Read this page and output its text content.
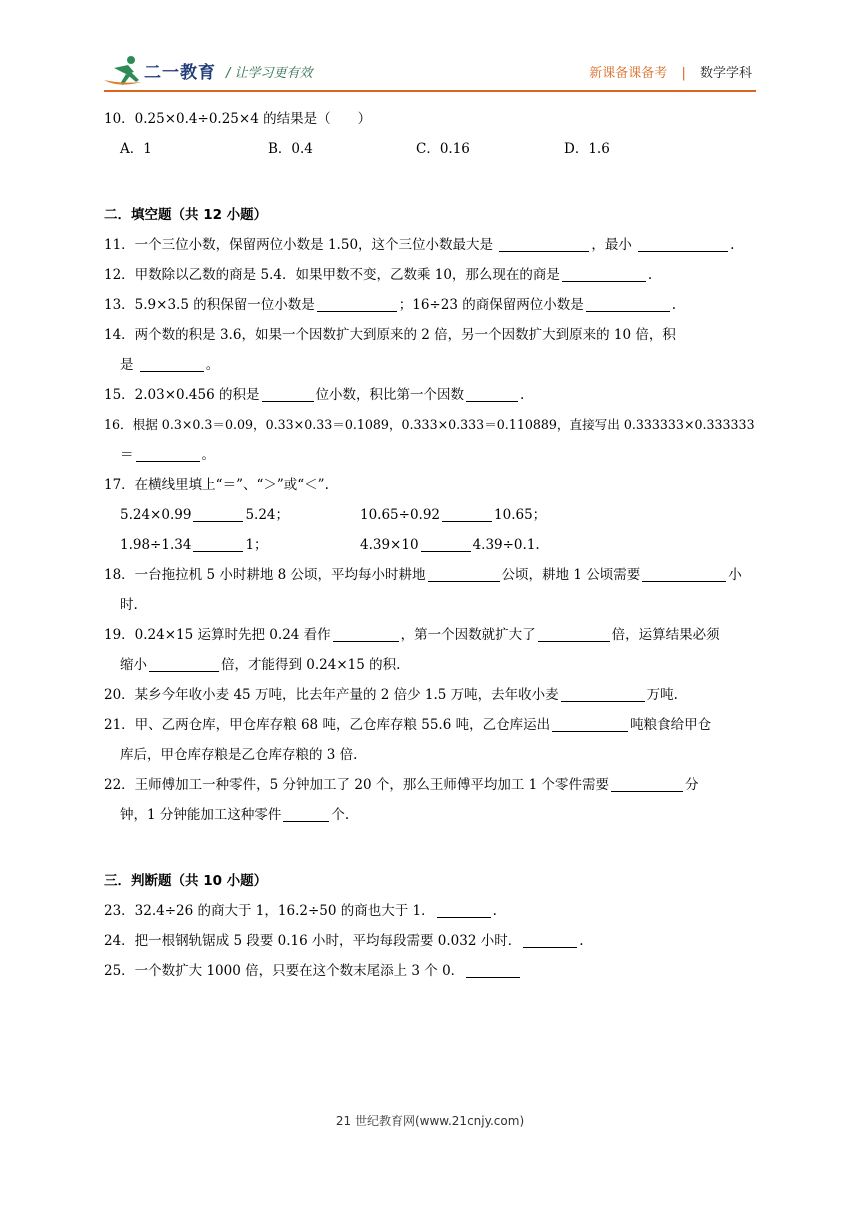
二一教育 / 让学习更有效	新课备课备考 | 数学学科

10．0.25×0.4÷0.25×4 的结果是（　　）

A．1	B．0.4	C．0.16	D．1.6

二．填空题（共 12 小题）

11．一个三位小数，保留两位小数是 1.50，这个三位小数最大是	，最小	.

12．甲数除以乙数的商是 5.4．如果甲数不变，乙数乘 10，那么现在的商是	.

13．5.9×3.5 的积保留一位小数是	；16÷23 的商保留两位小数是	.

14．两个数的积是 3.6，如果一个因数扩大到原来的 2 倍，另一个因数扩大到原来的 10 倍，积

是	。

15．2.03×0.456 的积是	位小数，积比第一个因数	.

16．根据 0.3×0.3＝0.09，0.33×0.33＝0.1089，0.333×0.333＝0.110889，直接写出 0.333333×0.333333

＝	。

17．在横线里填上“＝”、“＞”或“＜”.

5.24×0.99	5.24；	10.65÷0.92	10.65；
1.98÷1.34	1；	4.39×10	4.39÷0.1.

18．一台拖拉机 5 小时耕地 8 公顷，平均每小时耕地	公顷，耕地 1 公顷需要	小

时.

19．0.24×15 运算时先把 0.24 看作	，第一个因数就扩大了	倍，运算结果必须

缩小	倍，才能得到 0.24×15 的积.

20．某乡今年收小麦 45 万吨，比去年产量的 2 倍少 1.5 万吨，去年收小麦	万吨.

21．甲、乙两仓库，甲仓库存粮 68 吨，乙仓库存粮 55.6 吨，乙仓库运出	吨粮食给甲仓

库后，甲仓库存粮是乙仓库存粮的 3 倍.

22．王师傅加工一种零件，5 分钟加工了 20 个，那么王师傅平均加工 1 个零件需要	分

钟，1 分钟能加工这种零件	个.

三．判断题（共 10 小题）

23．32.4÷26 的商大于 1，16.2÷50 的商也大于 1．	.

24．把一根钢轨锯成 5 段要 0.16 小时，平均每段需要 0.032 小时．	.

25．一个数扩大 1000 倍，只要在这个数末尾添上 3 个 0．

21 世纪教育网(www.21cnjy.com)
